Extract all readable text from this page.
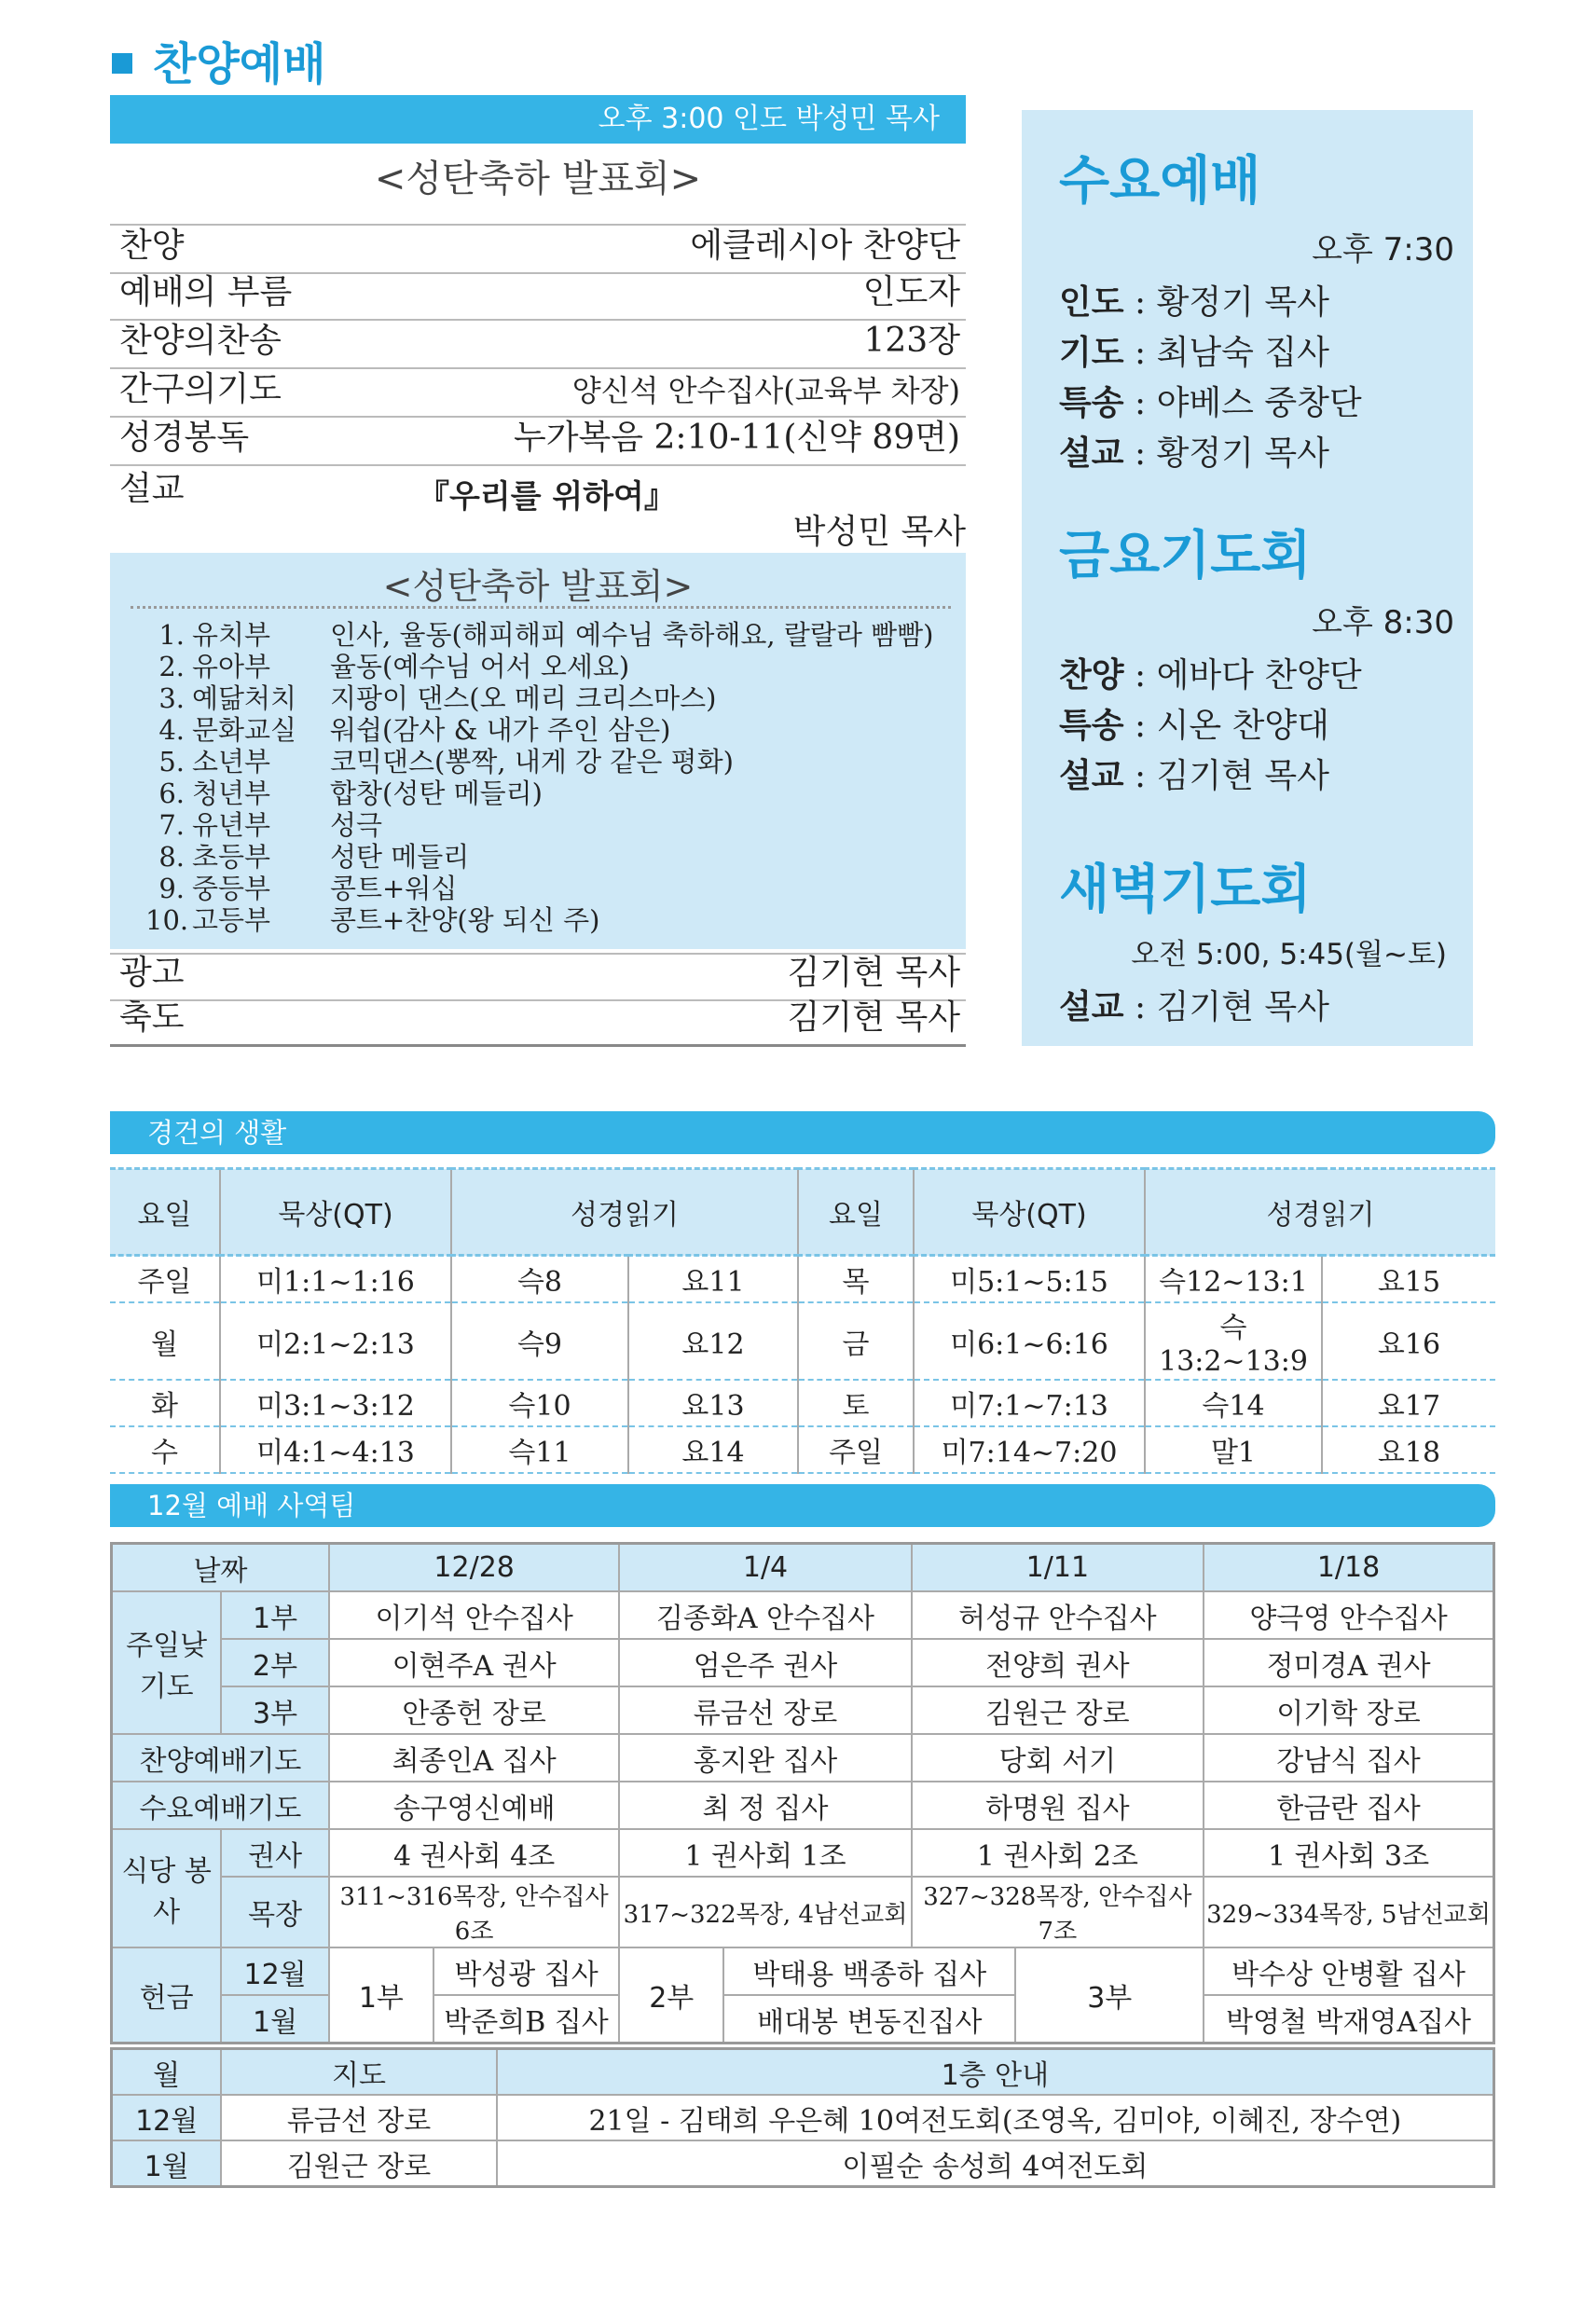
찬양예배
오후 3:00 인도 박성민 목사
<성탄축하 발표회>
찬양	에클레시아 찬양단
예배의 부름	인도자
찬양의찬송	123장
간구의기도	양신석 안수집사(교육부 차장)
성경봉독	누가복음 2:10-11(신약 89면)
설교	『우리를 위하여』
박성민 목사
<성탄축하 발표회>
1. 유치부 인사, 율동(해피해피 예수님 축하해요, 랄랄라 빰빰)
2. 유아부 율동(예수님 어서 오세요)
3. 예닮처치 지팡이 댄스(오 메리 크리스마스)
4. 문화교실 워쉽(감사 & 내가 주인 삼은)
5. 소년부 코믹댄스(뽕짝, 내게 강 같은 평화)
6. 청년부 합창(성탄 메들리)
7. 유년부 성극
8. 초등부 성탄 메들리
9. 중등부 콩트+워십
10. 고등부 콩트+찬양(왕 되신 주)
광고	김기현 목사
축도	김기현 목사
수요예배
오후 7:30
인도 : 황정기 목사
기도 : 최남숙 집사
특송 : 야베스 중창단
설교 : 황정기 목사
금요기도회
오후 8:30
찬양 : 에바다 찬양단
특송 : 시온 찬양대
설교 : 김기현 목사
새벽기도회
오전 5:00, 5:45(월~토)
설교 : 김기현 목사
경건의 생활
요일	묵상(QT)	성경읽기		요일	묵상(QT)	성경읽기	
주일	미1:1~1:16	슥8	요11	목	미5:1~5:15	슥12~13:1	요15
월	미2:1~2:13	슥9	요12	금	미6:1~6:16	슥13:2~13:9	요16
화	미3:1~3:12	슥10	요13	토	미7:1~7:13	슥14	요17
수	미4:1~4:13	슥11	요14	주일	미7:14~7:20	말1	요18
12월 예배 사역팀
날짜		12/28		1/4		1/11		1/18
주일낮 기도	1부	이기석 안수집사		김종화A 안수집사		허성규 안수집사		양극영 안수집사
	2부	이현주A 권사		엄은주 권사		전양희 권사		정미경A 권사
	3부	안종헌 장로		류금선 장로		김원근 장로		이기학 장로
찬양예배기도		최종인A 집사		홍지완 집사		당회 서기		강남식 집사
수요예배기도		송구영신예배		최 정 집사		하명원 집사		한금란 집사
식당 봉사	권사	4 권사회 4조		1 권사회 1조		1 권사회 2조		1 권사회 3조
	목장	311~316목장, 안수집사 6조		317~322목장, 4남선교회		327~328목장, 안수집사 7조		329~334목장, 5남선교회
헌금	12월	1부	박성광 집사	2부	박태용 백종하 집사		3부	박수상 안병활 집사
	1월		박준희B 집사		배대봉 변동진집사			박영철 박재영A집사
월	지도	1층 안내
12월	류금선 장로	21일 - 김태희 우은혜 10여전도회(조영옥, 김미야, 이혜진, 장수연)
1월	김원근 장로	이필순 송성희 4여전도회
